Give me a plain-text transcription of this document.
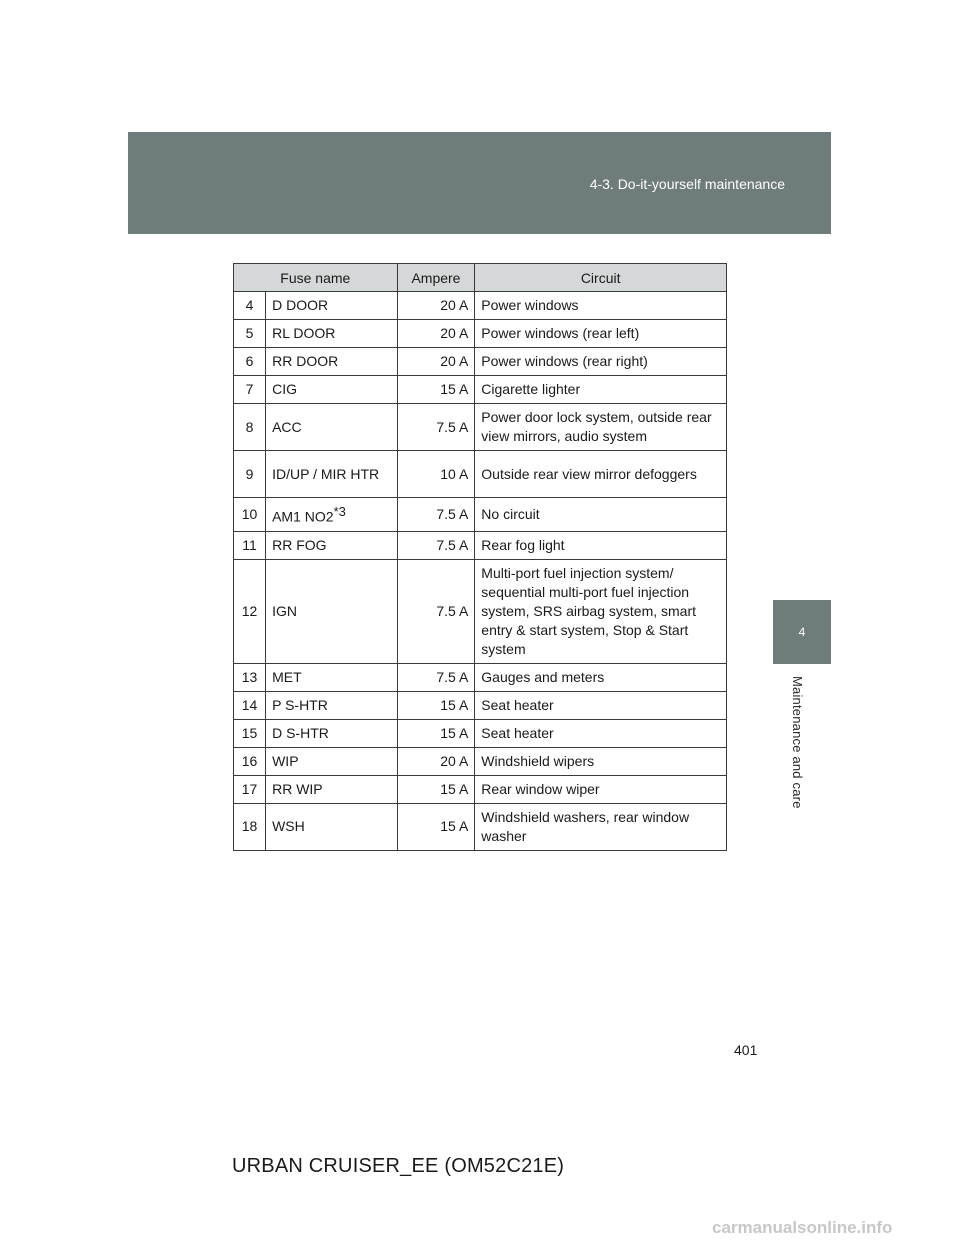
4-3. Do-it-yourself maintenance
4
Maintenance and care
Fuse name		Ampere	Circuit
4	D DOOR	20 A	Power windows
5	RL DOOR	20 A	Power windows (rear left)
6	RR DOOR	20 A	Power windows (rear right)
7	CIG	15 A	Cigarette lighter
8	ACC	7.5 A	Power door lock system, outside rear view mirrors, audio system
9	ID/UP / MIR HTR	10 A	Outside rear view mirror defoggers
10	AM1 NO2$^{*3}$	7.5 A	No circuit
11	RR FOG	7.5 A	Rear fog light
12	IGN	7.5 A	Multi-port fuel injection system/ sequential multi-port fuel injection system, SRS airbag system, smart entry & start system, Stop & Start system
13	MET	7.5 A	Gauges and meters
14	P S-HTR	15 A	Seat heater
15	D S-HTR	15 A	Seat heater
16	WIP	20 A	Windshield wipers
17	RR WIP	15 A	Rear window wiper
18	WSH	15 A	Windshield washers, rear window washer
401
URBAN CRUISER_EE (OM52C21E)
carmanualsonline.info
